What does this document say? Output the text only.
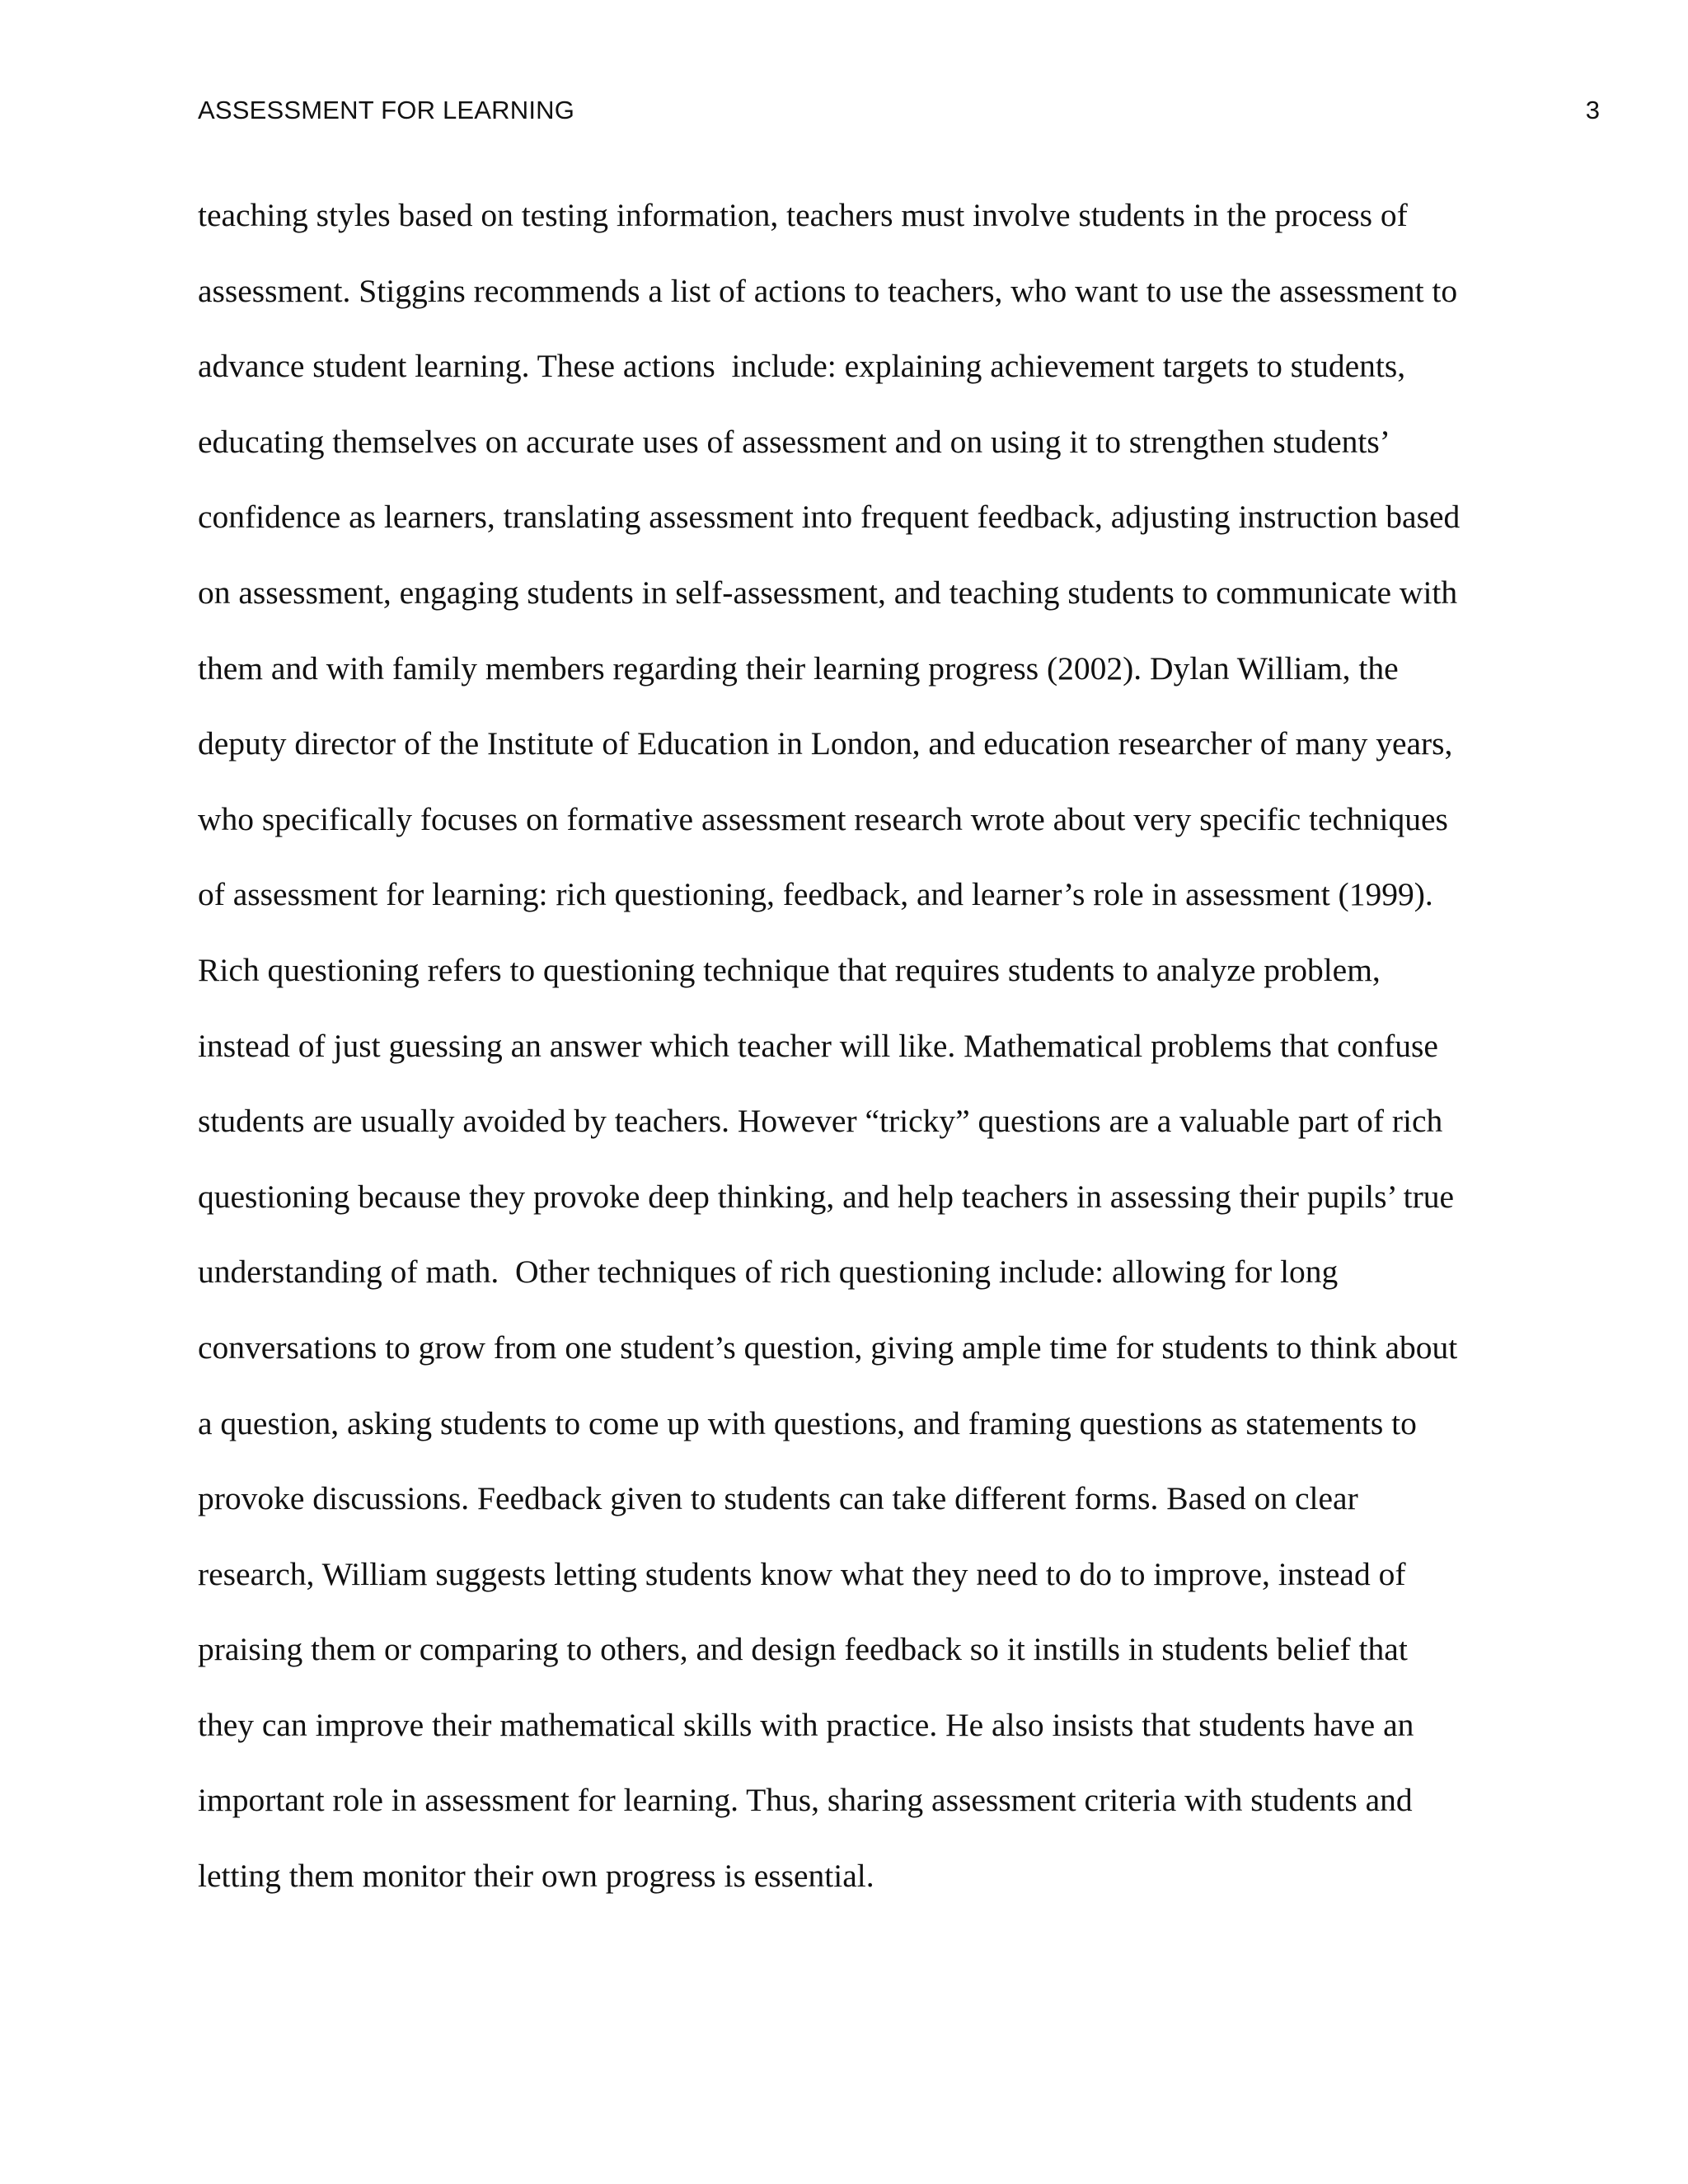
ASSESSMENT FOR LEARNING	3
teaching styles based on testing information, teachers must involve students in the process of
assessment. Stiggins recommends a list of actions to teachers, who want to use the assessment to
advance student learning. These actions  include: explaining achievement targets to students,
educating themselves on accurate uses of assessment and on using it to strengthen students’
confidence as learners, translating assessment into frequent feedback, adjusting instruction based
on assessment, engaging students in self-assessment, and teaching students to communicate with
them and with family members regarding their learning progress (2002). Dylan William, the
deputy director of the Institute of Education in London, and education researcher of many years,
who specifically focuses on formative assessment research wrote about very specific techniques
of assessment for learning: rich questioning, feedback, and learner’s role in assessment (1999).
Rich questioning refers to questioning technique that requires students to analyze problem,
instead of just guessing an answer which teacher will like. Mathematical problems that confuse
students are usually avoided by teachers. However “tricky” questions are a valuable part of rich
questioning because they provoke deep thinking, and help teachers in assessing their pupils’ true
understanding of math.  Other techniques of rich questioning include: allowing for long
conversations to grow from one student’s question, giving ample time for students to think about
a question, asking students to come up with questions, and framing questions as statements to
provoke discussions. Feedback given to students can take different forms. Based on clear
research, William suggests letting students know what they need to do to improve, instead of
praising them or comparing to others, and design feedback so it instills in students belief that
they can improve their mathematical skills with practice. He also insists that students have an
important role in assessment for learning. Thus, sharing assessment criteria with students and
letting them monitor their own progress is essential.
